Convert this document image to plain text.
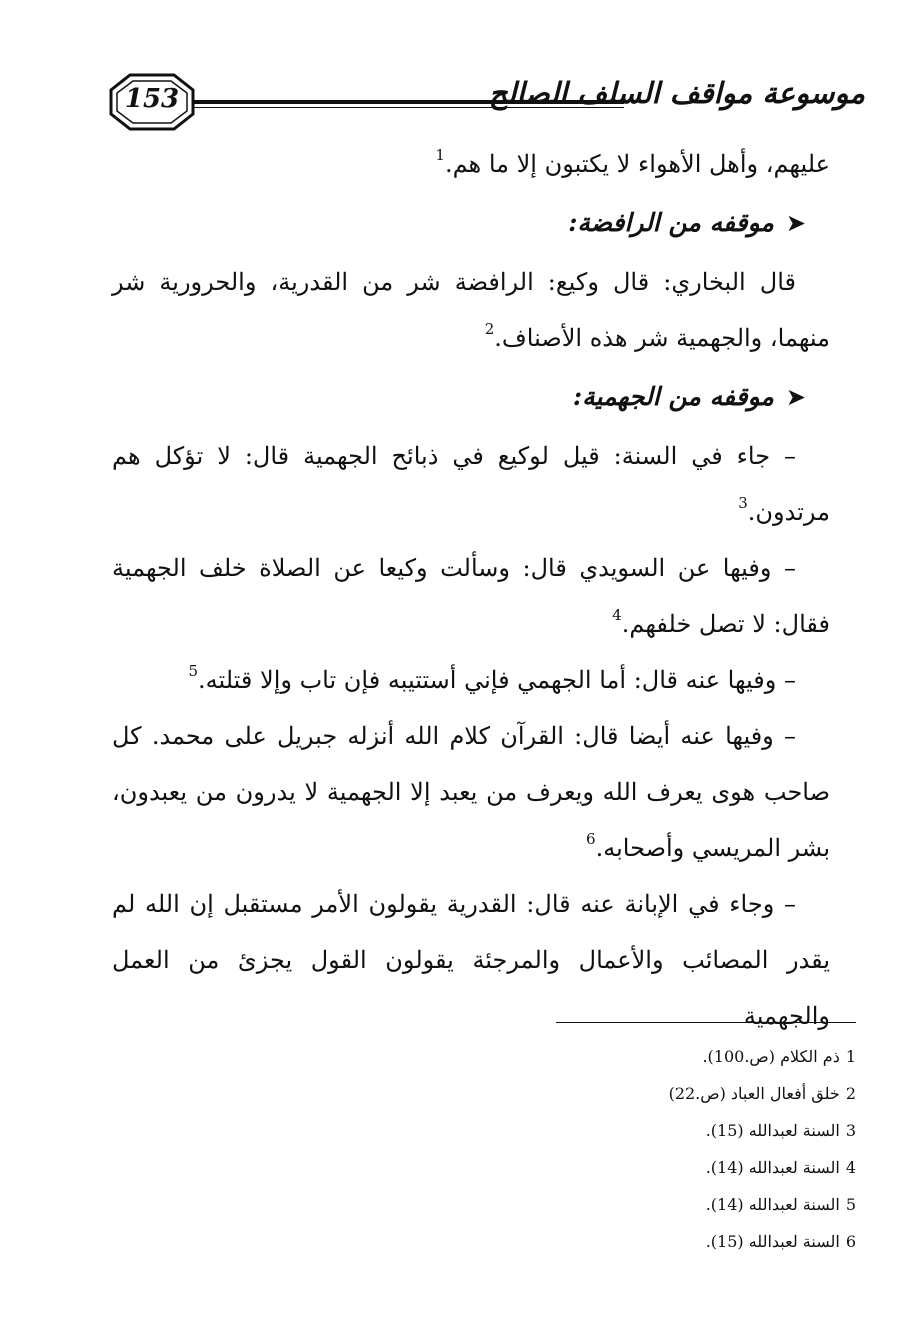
153	موسوعة مواقف السلف الصالح
عليهم، وأهل الأهواء لا يكتبون إلا ما هم.$^1$
➤موقفه من الرافضة:
قال البخاري: قال وكيع: الرافضة شر من القدرية، والحرورية شر
منهما، والجهمية شر هذه الأصناف.$^2$
➤موقفه من الجهمية:
– جاء في السنة: قيل لوكيع في ذبائح الجهمية قال: لا تؤكل هم
مرتدون.$^3$
– وفيها عن السويدي قال: وسألت وكيعا عن الصلاة خلف الجهمية
فقال: لا تصل خلفهم.$^4$
– وفيها عنه قال: أما الجهمي فإني أستتيبه فإن تاب وإلا قتلته.$^5$
– وفيها عنه أيضا قال: القرآن كلام الله أنزله جبريل على محمد. كل
صاحب هوى يعرف الله ويعرف من يعبد إلا الجهمية لا يدرون من يعبدون،
بشر المريسي وأصحابه.$^6$
– وجاء في الإبانة عنه قال: القدرية يقولون الأمر مستقبل إن الله لم
يقدر المصائب والأعمال والمرجئة يقولون القول يجزئ من العمل والجهمية
1ذم الكلام (ص.100).
2خلق أفعال العباد (ص.22)
3السنة لعبدالله (15).
4السنة لعبدالله (14).
5السنة لعبدالله (14).
6السنة لعبدالله (15).
